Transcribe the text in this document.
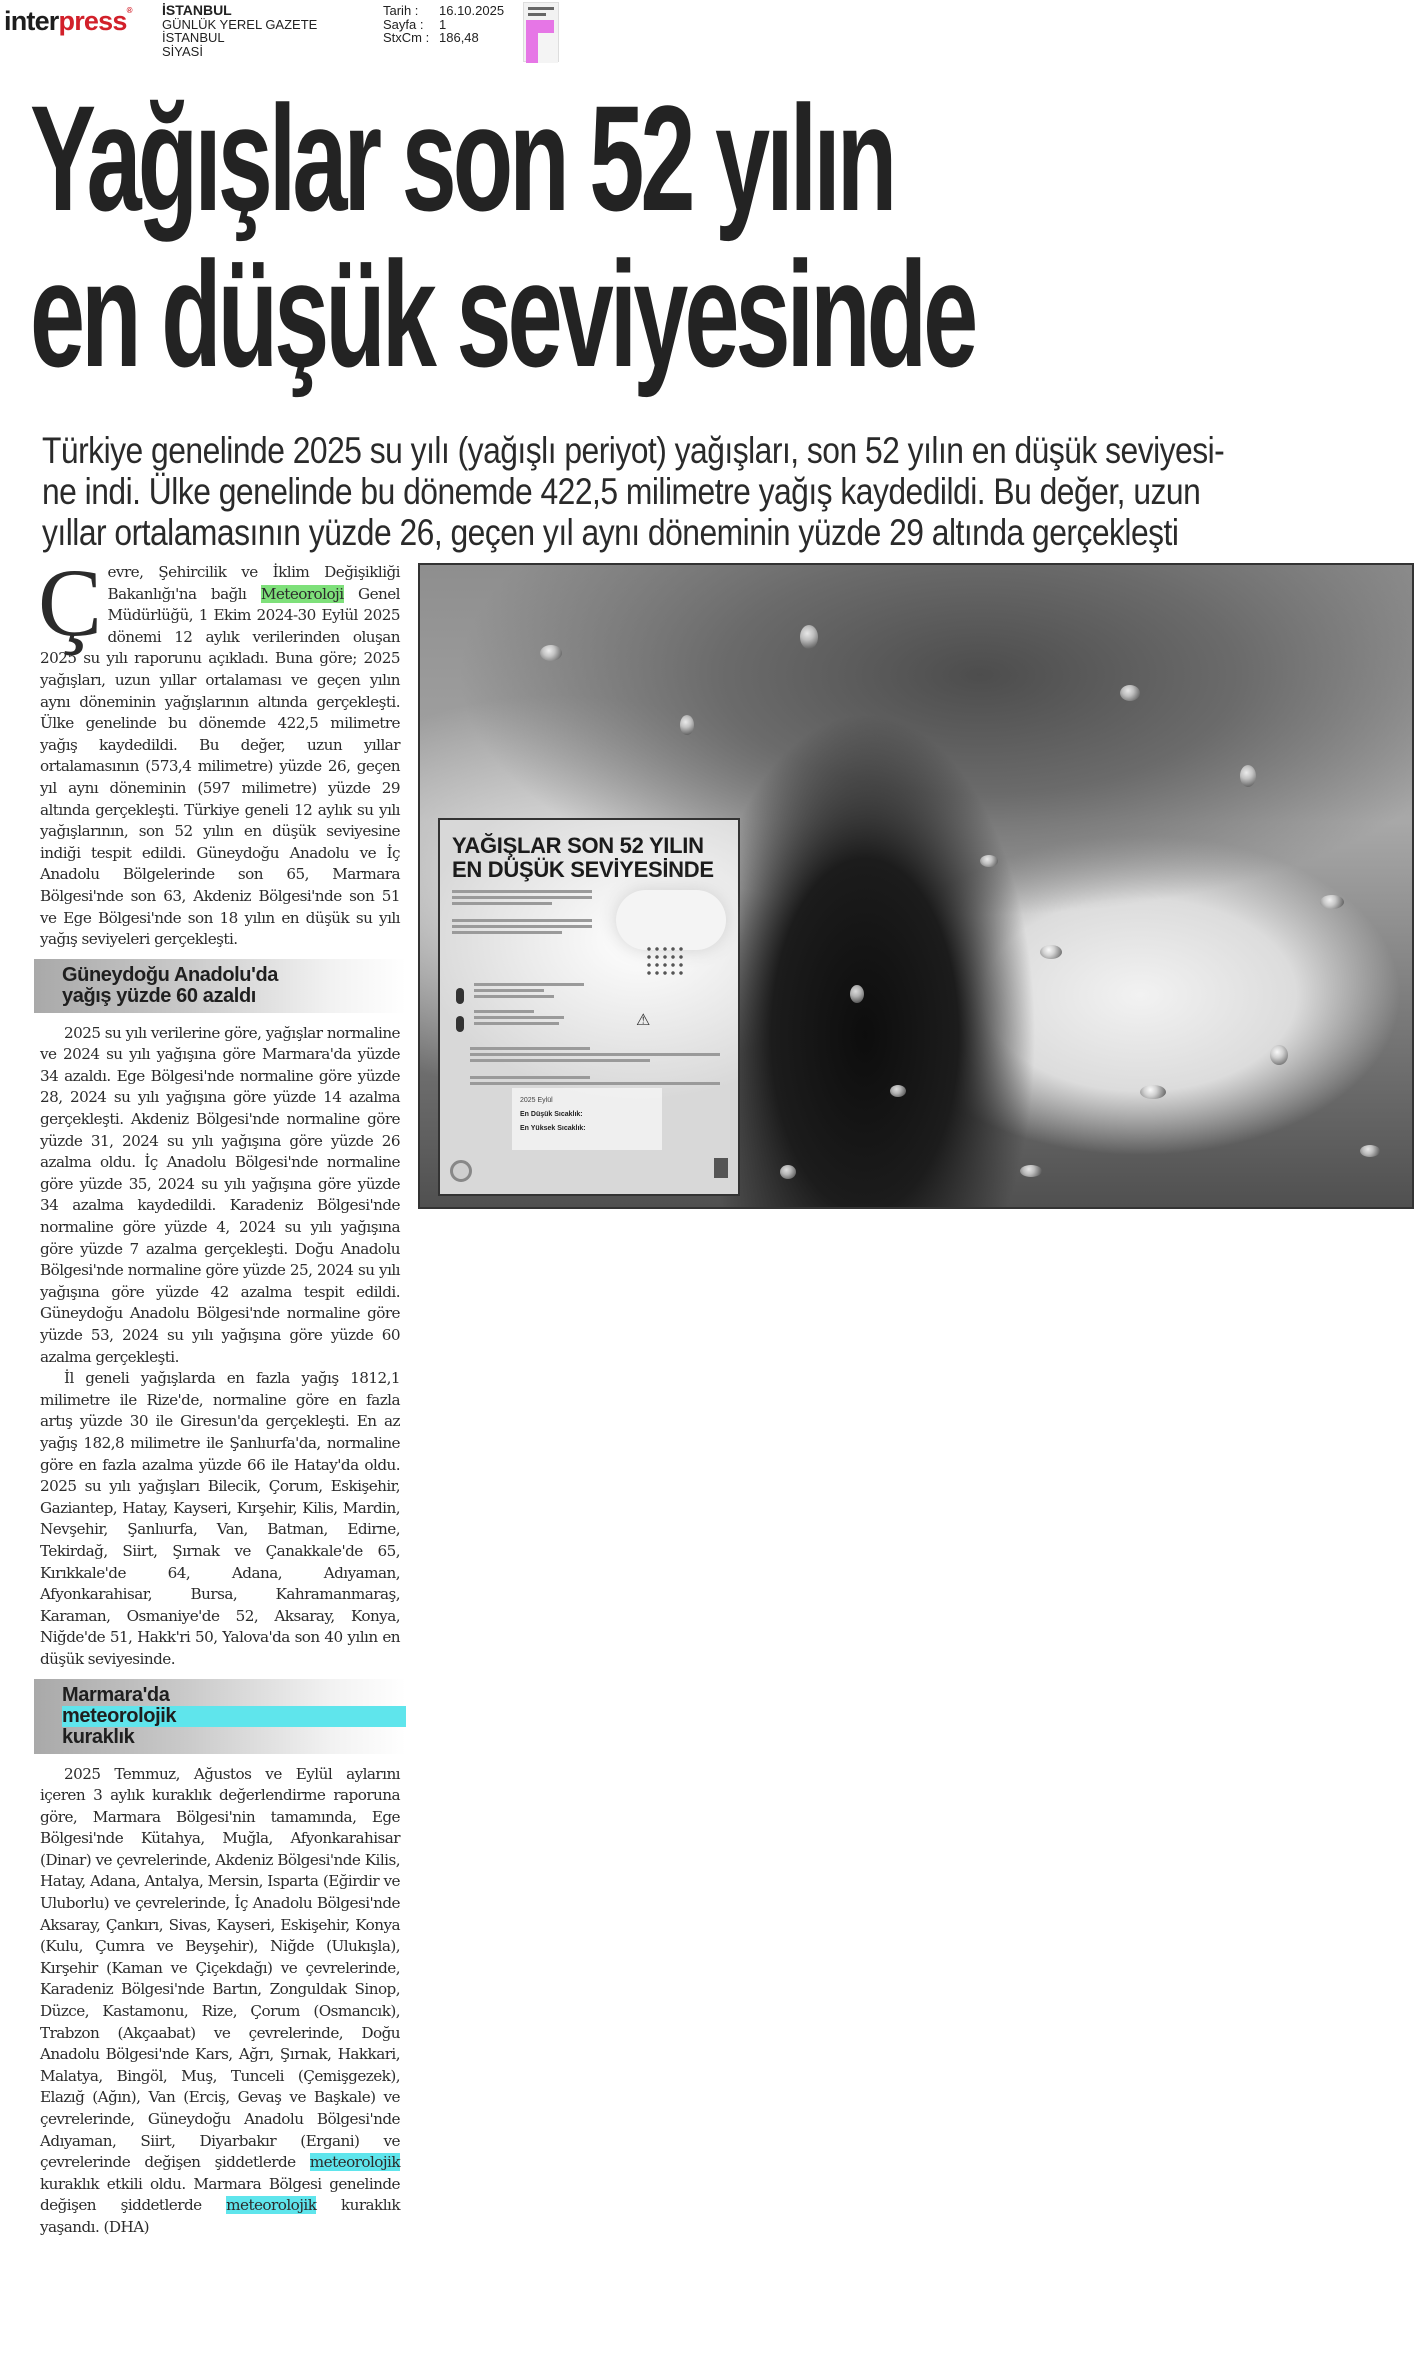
interpress® İSTANBUL
GÜNLÜK YEREL GAZETE
İSTANBUL
SİYASİ
Tarih :	16.10.2025
Sayfa :	1
StxCm : 186,48
Yağışlar son 52 yılın
en düşük seviyesinde
Türkiye genelinde 2025 su yılı (yağışlı periyot) yağışları, son 52 yılın en düşük seviyesi-
ne indi. Ülke genelinde bu dönemde 422,5 milimetre yağış kaydedildi. Bu değer, uzun
yıllar ortalamasının yüzde 26, geçen yıl aynı döneminin yüzde 29 altında gerçekleşti

Çevre, Şehircilik ve İklim Değişikliği Bakanlığı'na bağlı Meteoroloji Genel Müdürlüğü, 1 Ekim 2024-30 Eylül 2025 dönemi 12 aylık verilerinden oluşan 2025 su yılı raporunu açıkladı. Buna göre; 2025 yağışları, uzun yıllar ortalaması ve geçen yılın aynı döneminin yağışlarının altında gerçekleşti. Ülke genelinde bu dönemde 422,5 milimetre yağış kaydedildi. Bu değer, uzun yıllar ortalamasının (573,4 milimetre) yüzde 26, geçen yıl aynı döneminin (597 milimetre) yüzde 29 altında gerçekleşti. Türkiye geneli 12 aylık su yılı yağışlarının, son 52 yılın en düşük seviyesine indiği tespit edildi. Güneydoğu Anadolu ve İç Anadolu Bölgelerinde son 65, Marmara Bölgesi'nde son 63, Akdeniz Bölgesi'nde son 51 ve Ege Bölgesi'nde son 18 yılın en düşük su yılı yağış seviyeleri gerçekleşti.

Güneydoğu Anadolu'da
yağış yüzde 60 azaldı

2025 su yılı verilerine göre, yağışlar normaline ve 2024 su yılı yağışına göre Marmara'da yüzde 34 azaldı. Ege Bölgesi'nde normaline göre yüzde 28, 2024 su yılı yağışına göre yüzde 14 azalma gerçekleşti. Akdeniz Bölgesi'nde normaline göre yüzde 31, 2024 su yılı yağışına göre yüzde 26 azalma oldu. İç Anadolu Bölgesi'nde normaline göre yüzde 35, 2024 su yılı yağışına göre yüzde 34 azalma kaydedildi. Karadeniz Bölgesi'nde normaline göre yüzde 4, 2024 su yılı yağışına göre yüzde 7 azalma gerçekleşti. Doğu Anadolu Bölgesi'nde normaline göre yüzde 25, 2024 su yılı yağışına göre yüzde 42 azalma tespit edildi. Güneydoğu Anadolu Bölgesi'nde normaline göre yüzde 53, 2024 su yılı yağışına göre yüzde 60 azalma gerçekleşti.

İl geneli yağışlarda en fazla yağış 1812,1 milimetre ile Rize'de, normaline göre en fazla artış yüzde 30 ile Giresun'da gerçekleşti. En az yağış 182,8 milimetre ile Şanlıurfa'da, normaline göre en fazla azalma yüzde 66 ile Hatay'da oldu. 2025 su yılı yağışları Bilecik, Çorum, Eskişehir, Gaziantep, Hatay, Kayseri, Kırşehir, Kilis, Mardin, Nevşehir, Şanlıurfa, Van, Batman, Edirne, Tekirdağ, Siirt, Şırnak ve Çanakkale'de 65, Kırıkkale'de 64, Adana, Adıyaman, Afyonkarahisar, Bursa, Kahramanmaraş, Karaman, Osmaniye'de 52, Aksaray, Konya, Niğde'de 51, Hakk'ri 50, Yalova'da son 40 yılın en düşük seviyesinde.

Marmara'da
meteorolojik
kuraklık

2025 Temmuz, Ağustos ve Eylül aylarını içeren 3 aylık kuraklık değerlendirme raporuna göre, Marmara Bölgesi'nin tamamında, Ege Bölgesi'nde Kütahya, Muğla, Afyonkarahisar (Dinar) ve çevrelerinde, Akdeniz Bölgesi'nde Kilis, Hatay, Adana, Antalya, Mersin, Isparta (Eğirdir ve Uluborlu) ve çevrelerinde, İç Anadolu Bölgesi'nde Aksaray, Çankırı, Sivas, Kayseri, Eskişehir, Konya (Kulu, Çumra ve Beyşehir), Niğde (Ulukışla), Kırşehir (Kaman ve Çiçekdağı) ve çevrelerinde, Karadeniz Bölgesi'nde Bartın, Zonguldak Sinop, Düzce, Kastamonu, Rize, Çorum (Osmancık), Trabzon (Akçaabat) ve çevrelerinde, Doğu Anadolu Bölgesi'nde Kars, Ağrı, Şırnak, Hakkari, Malatya, Bingöl, Muş, Tunceli (Çemişgezek), Elazığ (Ağın), Van (Erciş, Gevaş ve Başkale) ve çevrelerinde, Güneydoğu Anadolu Bölgesi'nde Adıyaman, Siirt, Diyarbakır (Ergani) ve çevrelerinde değişen şiddetlerde meteorolojik kuraklık etkili oldu. Marmara Bölgesi genelinde değişen şiddetlerde meteorolojik kuraklık yaşandı. (DHA)

YAĞIŞLAR SON 52 YILIN
EN DÜŞÜK SEVİYESİNDE
⚠
2025 Eylül
En Düşük Sıcaklık:
En Yüksek Sıcaklık:
